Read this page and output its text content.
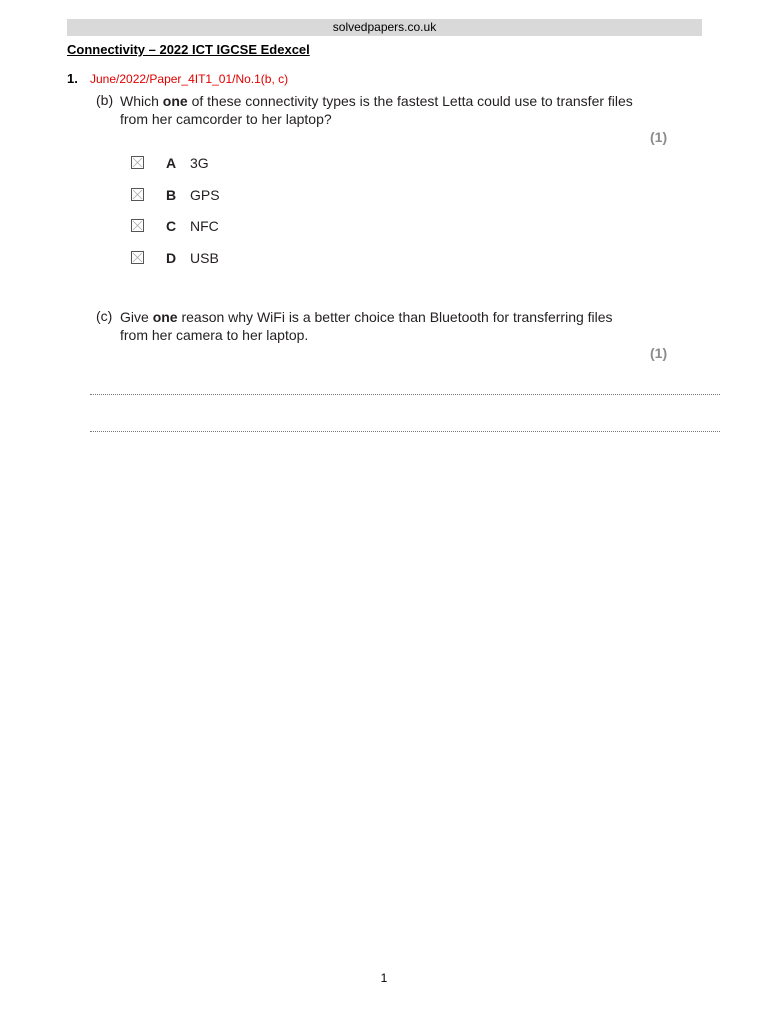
solvedpapers.co.uk
Connectivity – 2022 ICT IGCSE Edexcel
1. June/2022/Paper_4IT1_01/No.1(b, c)
(b) Which one of these connectivity types is the fastest Letta could use to transfer files from her camcorder to her laptop?
(1)
A 3G
B GPS
C NFC
D USB
(c) Give one reason why WiFi is a better choice than Bluetooth for transferring files from her camera to her laptop.
(1)
1
